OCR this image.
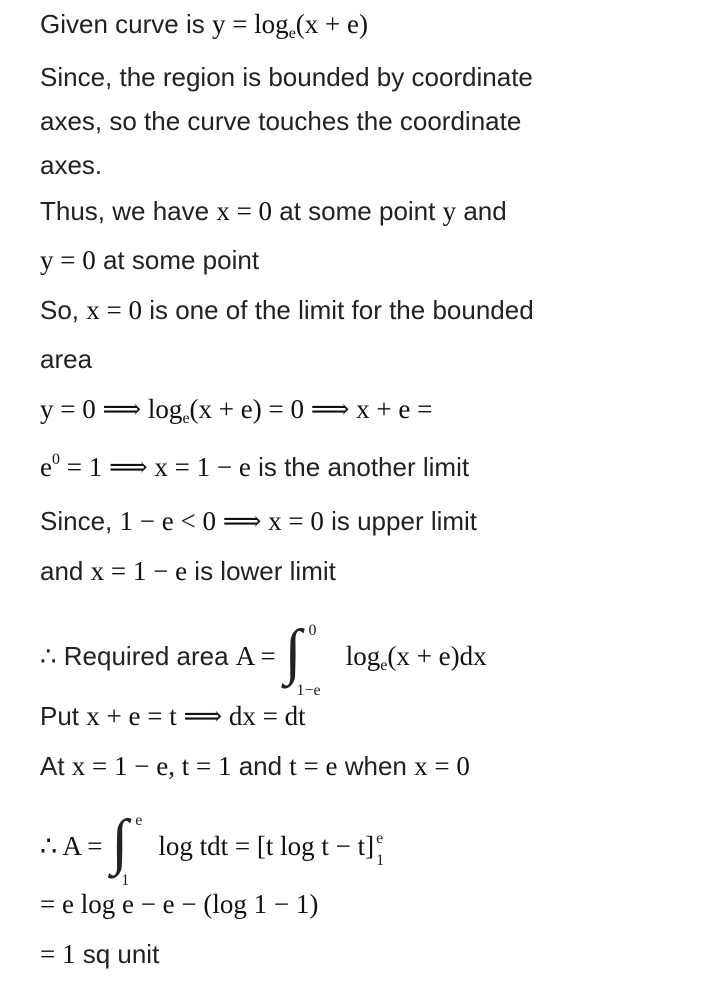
Given curve is $y = \log_e(x + e)$
Since, the region is bounded by coordinate
axes, so the curve touches the coordinate
axes.
Thus, we have x = 0 at some point y and
y = 0 at some point
So, x = 0 is one of the limit for the bounded
area
y = 0 ⟹ $\log_e(x + e) = 0$ ⟹ x + e =
$e^0 = 1$ ⟹ x = 1 − e is the another limit
Since, 1 − e < 0 ⟹ x = 0 is upper limit
and x = 1 − e is lower limit
∴ Required area A = ∫ 0
1−e
$\log_e(x + e)dx$
Put x + e = t ⟹ dx = dt
At x = 1 − e, t = 1 and t = e when x = 0
∴ A = ∫ e
1
log tdt = [t log t − t] e
1
= e log e − e − (log 1 − 1)
= 1 sq unit
